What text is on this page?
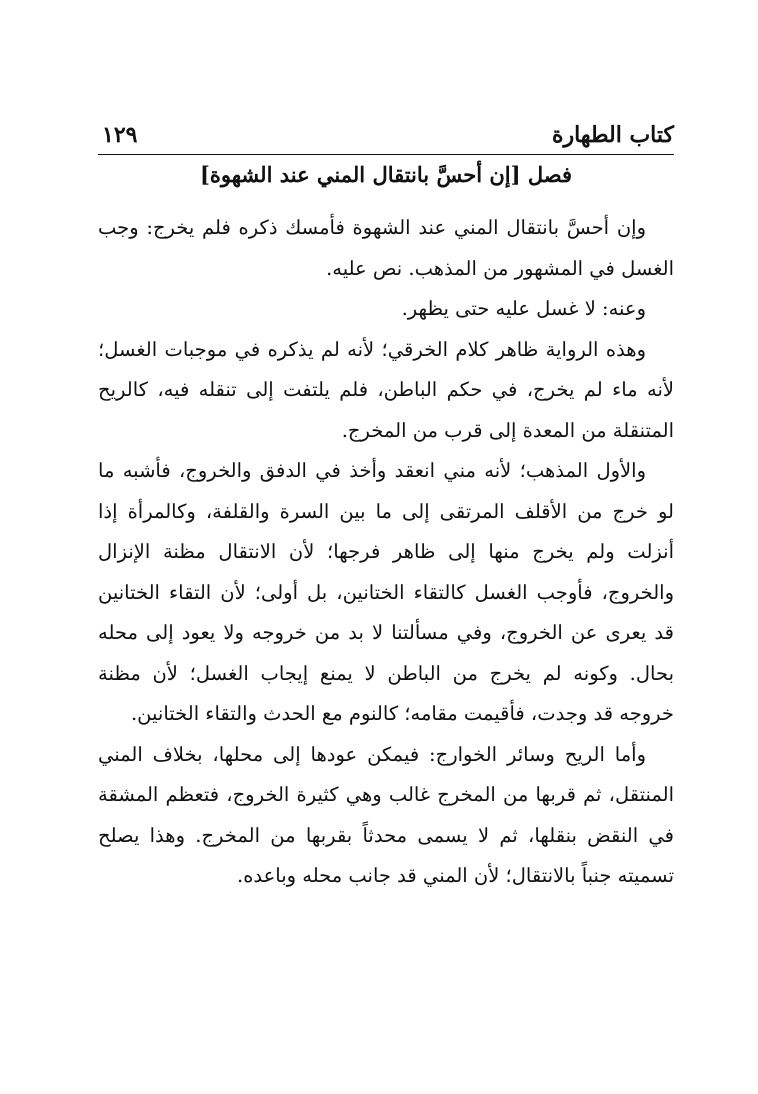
كتاب الطهارة
١٢٩
فصل [إن أحسَّ بانتقال المني عند الشهوة]

وإن أحسَّ بانتقال المني عند الشهوة فأمسك ذكره فلم يخرج: وجب الغسل في المشهور من المذهب. نص عليه.

وعنه: لا غسل عليه حتى يظهر.

وهذه الرواية ظاهر كلام الخرقي؛ لأنه لم يذكره في موجبات الغسل؛ لأنه ماء لم يخرج، في حكم الباطن، فلم يلتفت إلى تنقله فيه، كالريح المتنقلة من المعدة إلى قرب من المخرج.

والأول المذهب؛ لأنه مني انعقد وأخذ في الدفق والخروج، فأشبه ما لو خرج من الأقلف المرتقى إلى ما بين السرة والقلفة، وكالمرأة إذا أنزلت ولم يخرج منها إلى ظاهر فرجها؛ لأن الانتقال مظنة الإنزال والخروج، فأوجب الغسل كالتقاء الختانين، بل أولى؛ لأن التقاء الختانين قد يعرى عن الخروج، وفي مسألتنا لا بد من خروجه ولا يعود إلى محله بحال. وكونه لم يخرج من الباطن لا يمنع إيجاب الغسل؛ لأن مظنة خروجه قد وجدت، فأقيمت مقامه؛ كالنوم مع الحدث والتقاء الختانين.

وأما الريح وسائر الخوارج: فيمكن عودها إلى محلها، بخلاف المني المنتقل، ثم قربها من المخرج غالب وهي كثيرة الخروج، فتعظم المشقة في النقض بنقلها، ثم لا يسمى محدثاً بقربها من المخرج. وهذا يصلح تسميته جنباً بالانتقال؛ لأن المني قد جانب محله وباعده.
